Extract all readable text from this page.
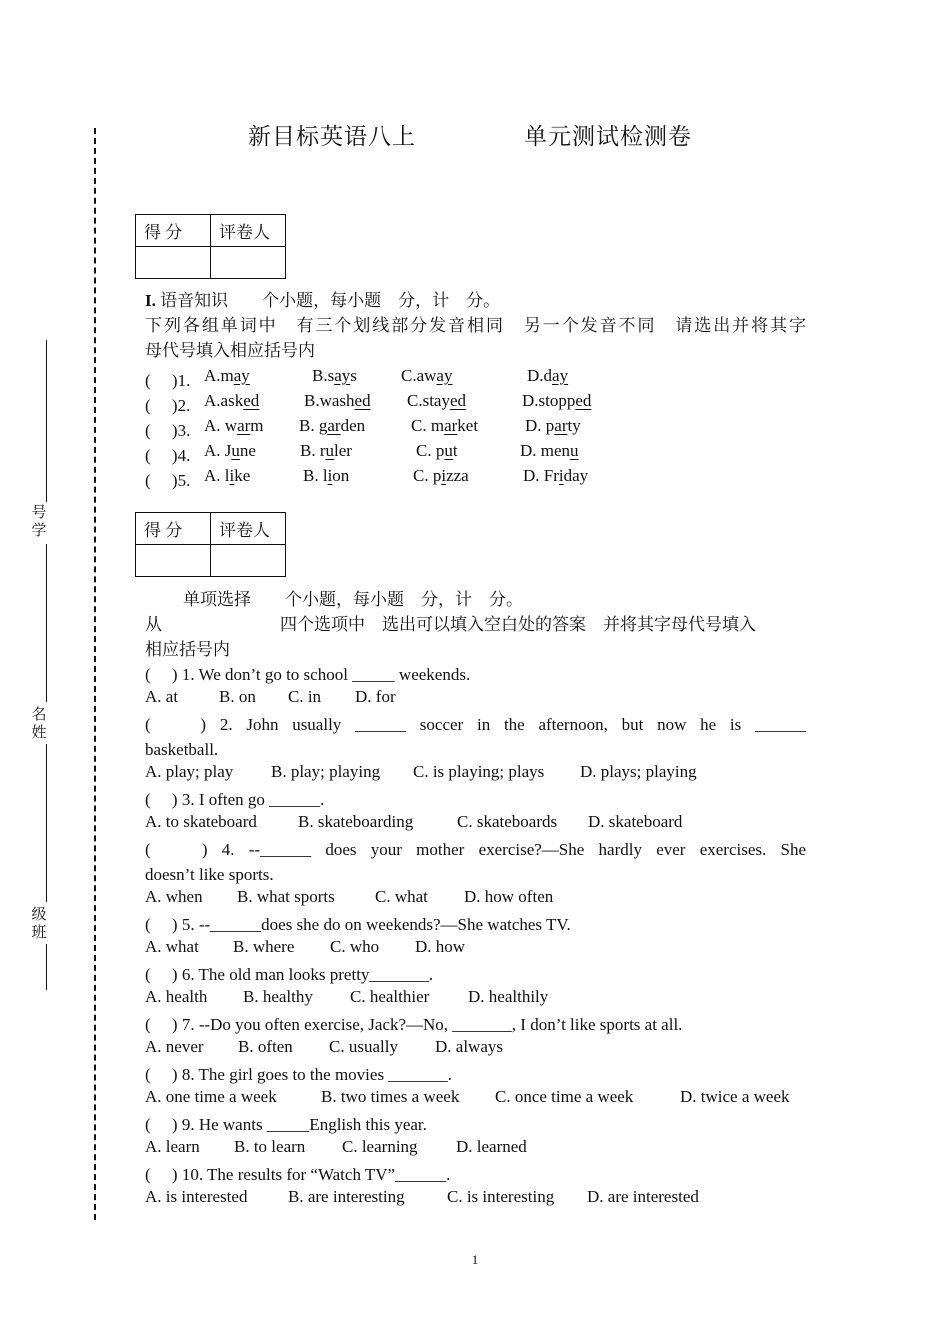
新目标英语八上	单元测试检测卷
号学
名姓
级班
得 分	评卷人

I. 语音知识　　个小题，每小题　分，计　分。
下列各组单词中　有三个划线部分发音相同　另一个发音不同　请选出并将其字
母代号填入相应括号内
(　 )1. A.may	B.says	C.away	D.day
(　 )2. A.asked	B.washed C.stayed	D.stopped
(　 )3. A. warm B. garden	C. market	D. party
(　 )4. A. June	B. ruler	C. put	D. menu
(　 )5. A. like	B. lion	C. pizza	D. Friday
得 分	评卷人

单项选择　　个小题，每小题　分，计　分。
从	四个选项中　选出可以填入空白处的答案　并将其字母代号填入
相应括号内
(　 ) 1. We don’t go to school _____ weekends.
A. at B. on C. in D. for
(　 ) 2. John usually ______ soccer in the afternoon, but now he is ______
basketball.
A. play; play B. play; playing C. is playing; plays D. plays; playing
(　 ) 3. I often go ______.
A. to skateboard B. skateboarding	C. skateboards D. skateboard
(　 ) 4. --______ does your mother exercise?—She hardly ever exercises. She
doesn’t like sports.
A. when B. what sports C. what D. how often
(　 ) 5. --______does she do on weekends?—She watches TV.
A. what B. where C. who D. how
(　 ) 6. The old man looks pretty_______.
A. health B. healthy C. healthier D. healthily
(　 ) 7. --Do you often exercise, Jack?—No, _______, I don’t like sports at all.
A. never B. often C. usually D. always
(　 ) 8. The girl goes to the movies _______.
A. one time a week	B. two times a week C. once time a week	D. twice a week
(　 ) 9. He wants _____English this year.
A. learn B. to learn C. learning D. learned
(　 ) 10. The results for “Watch TV”______.
A. is interested B. are interesting C. is interesting D. are interested
1
